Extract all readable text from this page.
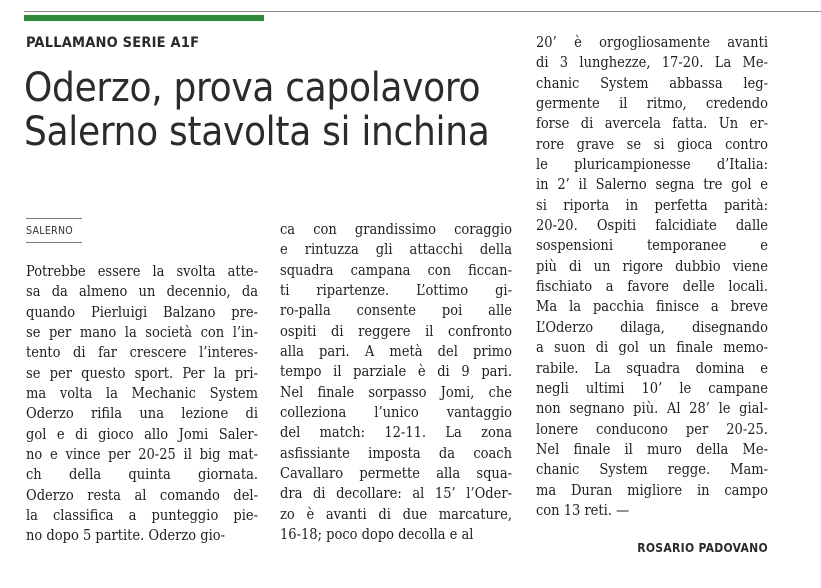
PALLAMANO SERIE A1F
Oderzo, prova capolavoro
Salerno stavolta si inchina
SALERNO
Potrebbe essere la svolta atte-
sa da almeno un decennio, da
quando Pierluigi Balzano pre-
se per mano la società con l’in-
tento di far crescere l’interes-
se per questo sport. Per la pri-
ma volta la Mechanic System
Oderzo rifila una lezione di
gol e di gioco allo Jomi Saler-
no e vince per 20-25 il big mat-
ch della quinta giornata.
Oderzo resta al comando del-
la classifica a punteggio pie-
no dopo 5 partite. Oderzo gio-
ca con grandissimo coraggio
e rintuzza gli attacchi della
squadra campana con ficcan-
ti ripartenze. L’ottimo gi-
ro-palla consente poi alle
ospiti di reggere il confronto
alla pari. A metà del primo
tempo il parziale è di 9 pari.
Nel finale sorpasso Jomi, che
colleziona l’unico vantaggio
del match: 12-11. La zona
asfissiante imposta da coach
Cavallaro permette alla squa-
dra di decollare: al 15’ l’Oder-
zo è avanti di due marcature,
16-18; poco dopo decolla e al
20’ è orgogliosamente avanti
di 3 lunghezze, 17-20. La Me-
chanic System abbassa leg-
germente il ritmo, credendo
forse di avercela fatta. Un er-
rore grave se si gioca contro
le pluricampionesse d’Italia:
in 2’ il Salerno segna tre gol e
si riporta in perfetta parità:
20-20. Ospiti falcidiate dalle
sospensioni temporanee e
più di un rigore dubbio viene
fischiato a favore delle locali.
Ma la pacchia finisce a breve
L’Oderzo dilaga, disegnando
a suon di gol un finale memo-
rabile. La squadra domina e
negli ultimi 10’ le campane
non segnano più. Al 28’ le gial-
lonere conducono per 20-25.
Nel finale il muro della Me-
chanic System regge. Mam-
ma Duran migliore in campo
con 13 reti. —
ROSARIO PADOVANO
